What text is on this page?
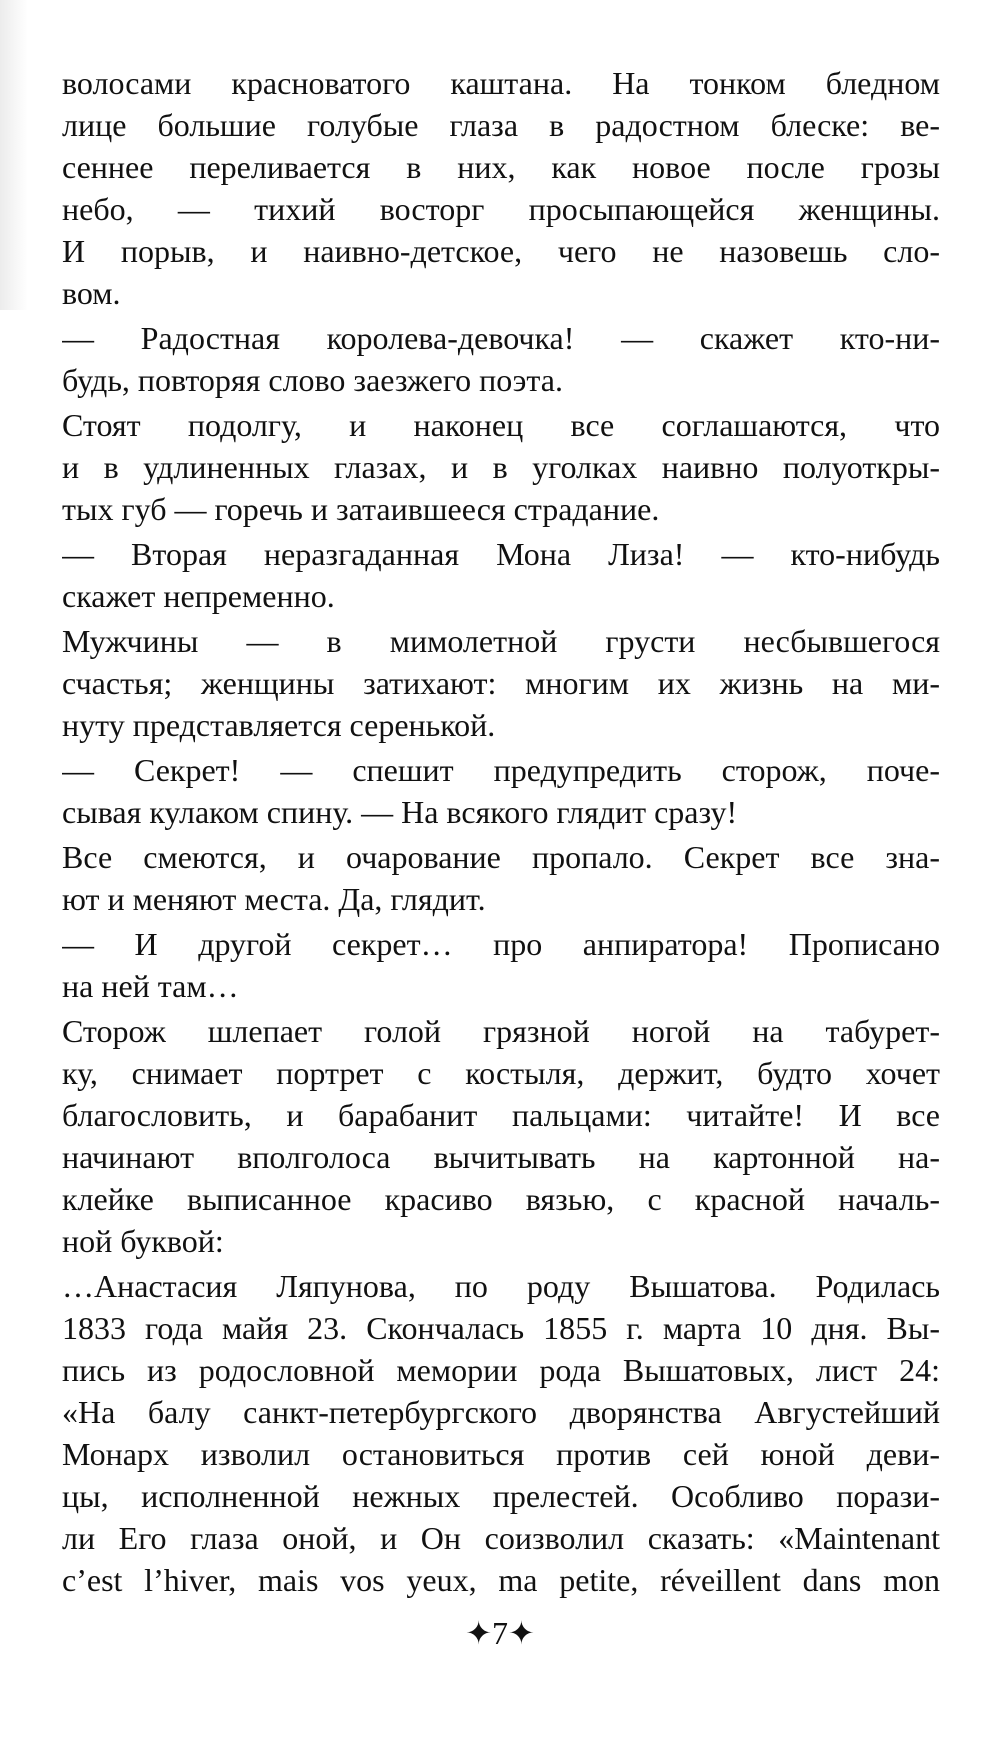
волосами красноватого каштана. На тонком бледном
лице большие голубые глаза в радостном блеске: ве-
сеннее переливается в них, как новое после грозы
небо, — тихий восторг просыпающейся женщины.
И порыв, и наивно-детское, чего не назовешь сло-
вом.
— Радостная королева-девочка! — скажет кто-ни-
будь, повторяя слово заезжего поэта.
Стоят подолгу, и наконец все соглашаются, что
и в удлиненных глазах, и в уголках наивно полуоткры-
тых губ — горечь и затаившееся страдание.
— Вторая неразгаданная Мона Лиза! — кто-нибудь
скажет непременно.
Мужчины — в мимолетной грусти несбывшегося
счастья; женщины затихают: многим их жизнь на ми-
нуту представляется серенькой.
— Секрет! — спешит предупредить сторож, поче-
сывая кулаком спину. — На всякого глядит сразу!
Все смеются, и очарование пропало. Секрет все зна-
ют и меняют места. Да, глядит.
— И другой секрет… про анпиратора! Прописано
на ней там…
Сторож шлепает голой грязной ногой на табурет-
ку, снимает портрет с костыля, держит, будто хочет
благословить, и барабанит пальцами: читайте! И все
начинают вполголоса вычитывать на картонной на-
клейке выписанное красиво вязью, с красной началь-
ной буквой:
…Анастасия Ляпунова, по роду Вышатова. Родилась
1833 года майя 23. Скончалась 1855 г. марта 10 дня. Вы-
пись из родословной мемории рода Вышатовых, лист 24:
«На балу санкт-петербургского дворянства Августейший
Монарх изволил остановиться против сей юной деви-
цы, исполненной нежных прелестей. Особливо порази-
ли Его глаза оной, и Он соизволил сказать: «Maintenant
c’est l’hiver, mais vos yeux, ma petite, réveillent dans mon
✦7✦
